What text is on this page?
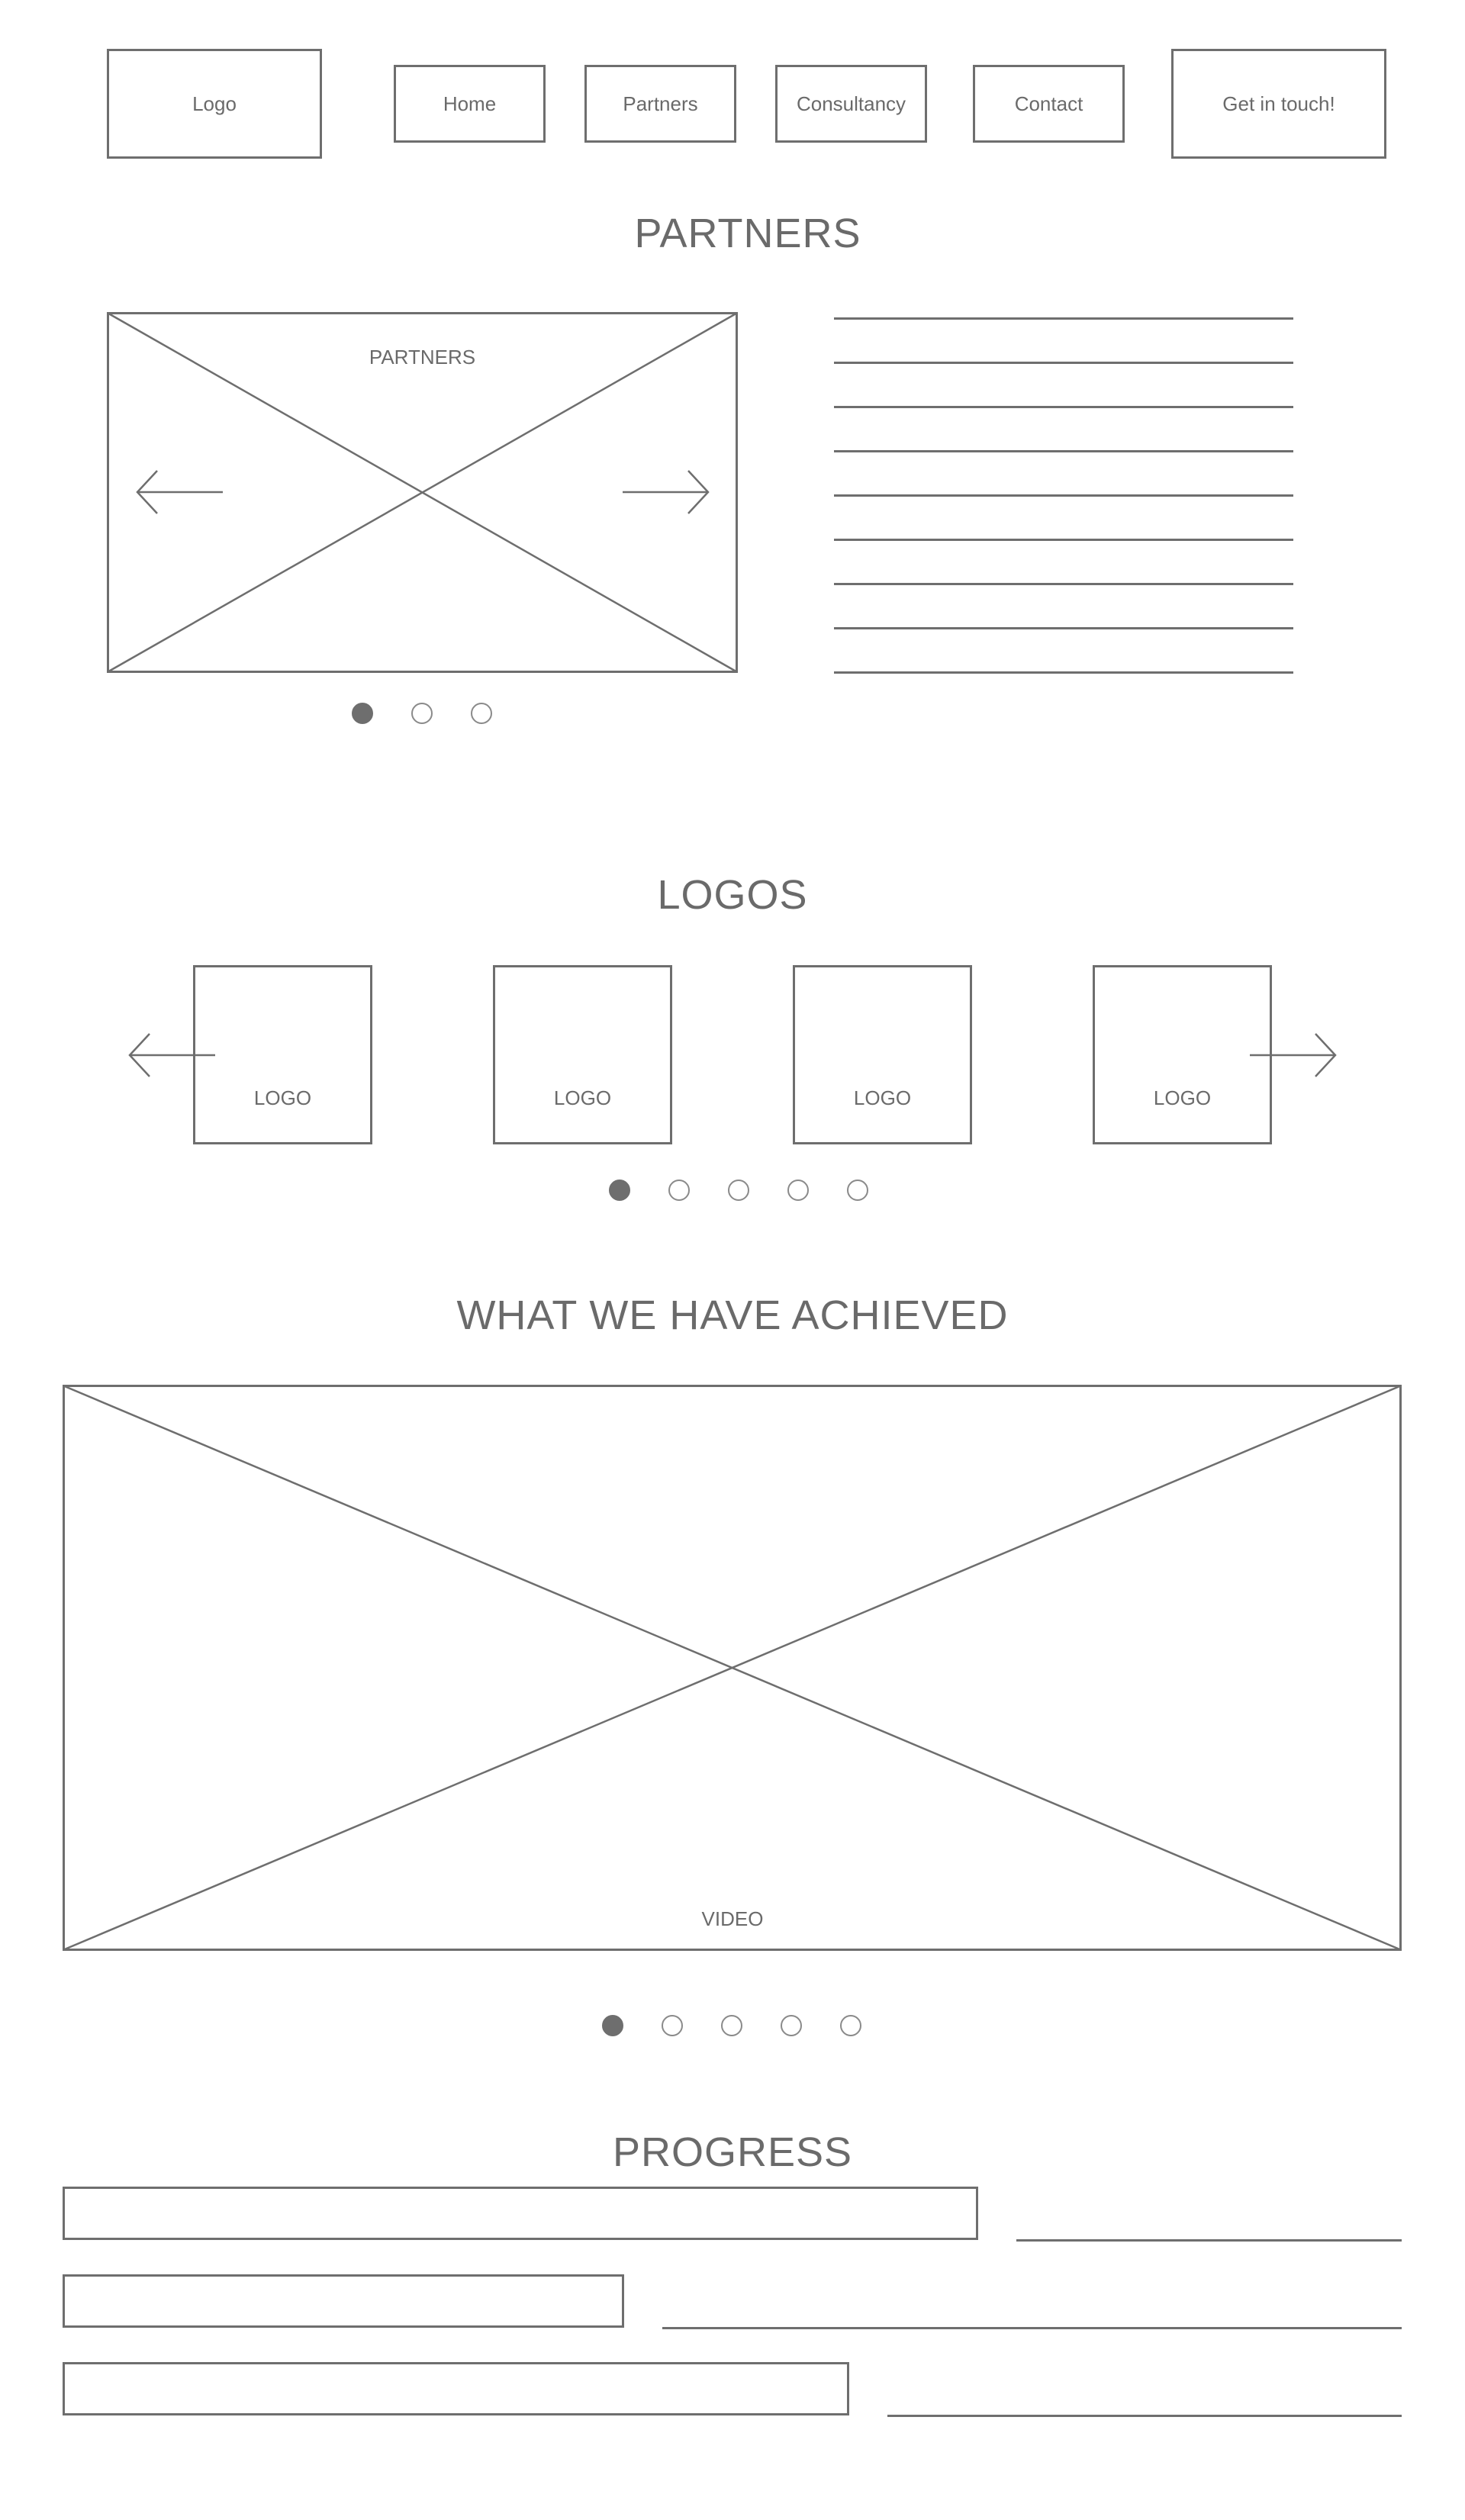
Logo	Home	Partners	Consultancy	Contact	Get in touch!
PARTNERS
PARTNERS
LOGOS
LOGO	LOGO	LOGO	LOGO
WHAT WE HAVE ACHIEVED
VIDEO
PROGRESS
